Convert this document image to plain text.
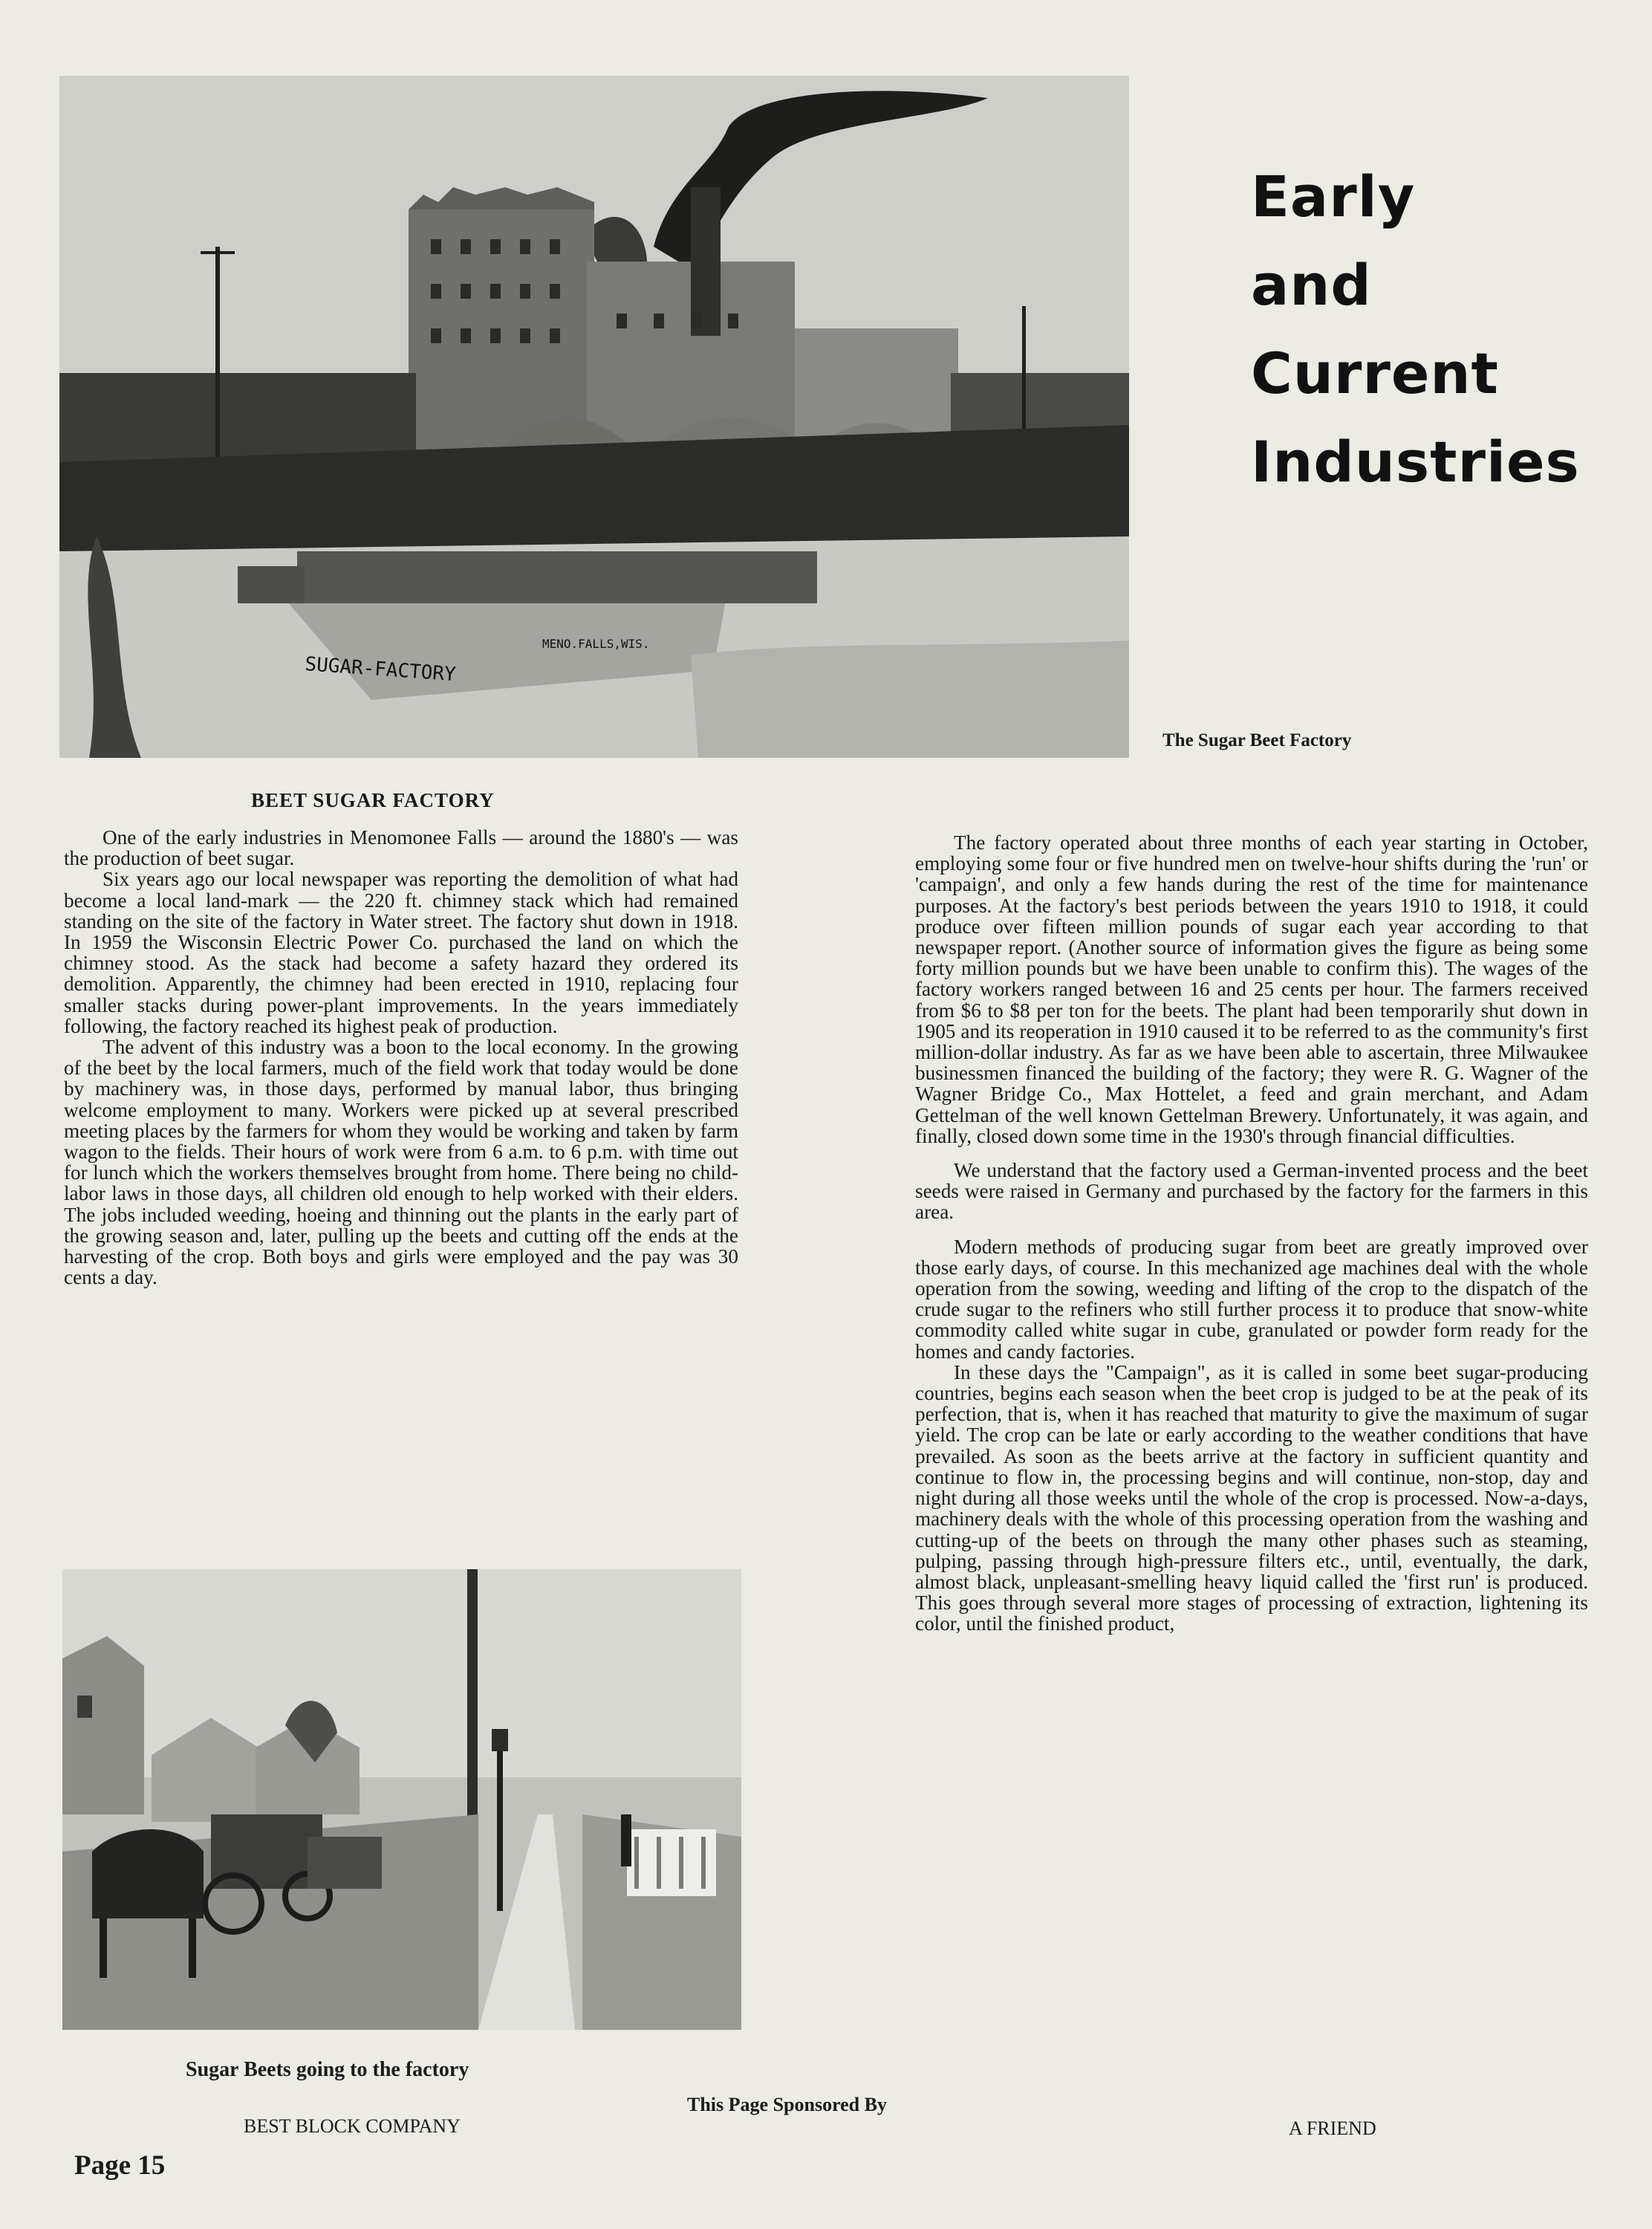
SUGAR-FACTORY
MENO.FALLS,WIS.
Early
and
Current
Industries
The Sugar Beet Factory
BEET SUGAR FACTORY

One of the early industries in Menomonee Falls — around the 1880's — was the production of beet sugar.

Six years ago our local newspaper was reporting the demolition of what had become a local land-mark — the 220 ft. chimney stack which had remained standing on the site of the factory in Water street. The factory shut down in 1918. In 1959 the Wisconsin Electric Power Co. purchased the land on which the chimney stood. As the stack had become a safety hazard they ordered its demolition. Apparently, the chimney had been erected in 1910, replacing four smaller stacks during power-plant improvements. In the years immediately following, the factory reached its highest peak of production.

The advent of this industry was a boon to the local economy. In the growing of the beet by the local farmers, much of the field work that today would be done by machinery was, in those days, performed by manual labor, thus bringing welcome employment to many. Workers were picked up at several prescribed meeting places by the farmers for whom they would be working and taken by farm wagon to the fields. Their hours of work were from 6 a.m. to 6 p.m. with time out for lunch which the workers themselves brought from home. There being no child-labor laws in those days, all children old enough to help worked with their elders. The jobs included weeding, hoeing and thinning out the plants in the early part of the growing season and, later, pulling up the beets and cutting off the ends at the harvesting of the crop. Both boys and girls were employed and the pay was 30 cents a day.

The factory operated about three months of each year starting in October, employing some four or five hundred men on twelve-hour shifts during the 'run' or 'campaign', and only a few hands during the rest of the time for maintenance purposes. At the factory's best periods between the years 1910 to 1918, it could produce over fifteen million pounds of sugar each year according to that newspaper report. (Another source of information gives the figure as being some forty million pounds but we have been unable to confirm this). The wages of the factory workers ranged between 16 and 25 cents per hour. The farmers received from $6 to $8 per ton for the beets. The plant had been temporarily shut down in 1905 and its reoperation in 1910 caused it to be referred to as the community's first million-dollar industry. As far as we have been able to ascertain, three Milwaukee businessmen financed the building of the factory; they were R. G. Wagner of the Wagner Bridge Co., Max Hottelet, a feed and grain merchant, and Adam Gettelman of the well known Gettelman Brewery. Unfortunately, it was again, and finally, closed down some time in the 1930's through financial difficulties.

We understand that the factory used a German-invented process and the beet seeds were raised in Germany and purchased by the factory for the farmers in this area.

Modern methods of producing sugar from beet are greatly improved over those early days, of course. In this mechanized age machines deal with the whole operation from the sowing, weeding and lifting of the crop to the dispatch of the crude sugar to the refiners who still further process it to produce that snow-white commodity called white sugar in cube, granulated or powder form ready for the homes and candy factories.

In these days the "Campaign", as it is called in some beet sugar-producing countries, begins each season when the beet crop is judged to be at the peak of its perfection, that is, when it has reached that maturity to give the maximum of sugar yield. The crop can be late or early according to the weather conditions that have prevailed. As soon as the beets arrive at the factory in sufficient quantity and continue to flow in, the processing begins and will continue, non-stop, day and night during all those weeks until the whole of the crop is processed. Now-a-days, machinery deals with the whole of this processing operation from the washing and cutting-up of the beets on through the many other phases such as steaming, pulping, passing through high-pressure filters etc., until, eventually, the dark, almost black, unpleasant-smelling heavy liquid called the 'first run' is produced. This goes through several more stages of processing of extraction, lightening its color, until the finished product,

Sugar Beets going to the factory
This Page Sponsored By
BEST BLOCK COMPANY	A FRIEND
Page 15
